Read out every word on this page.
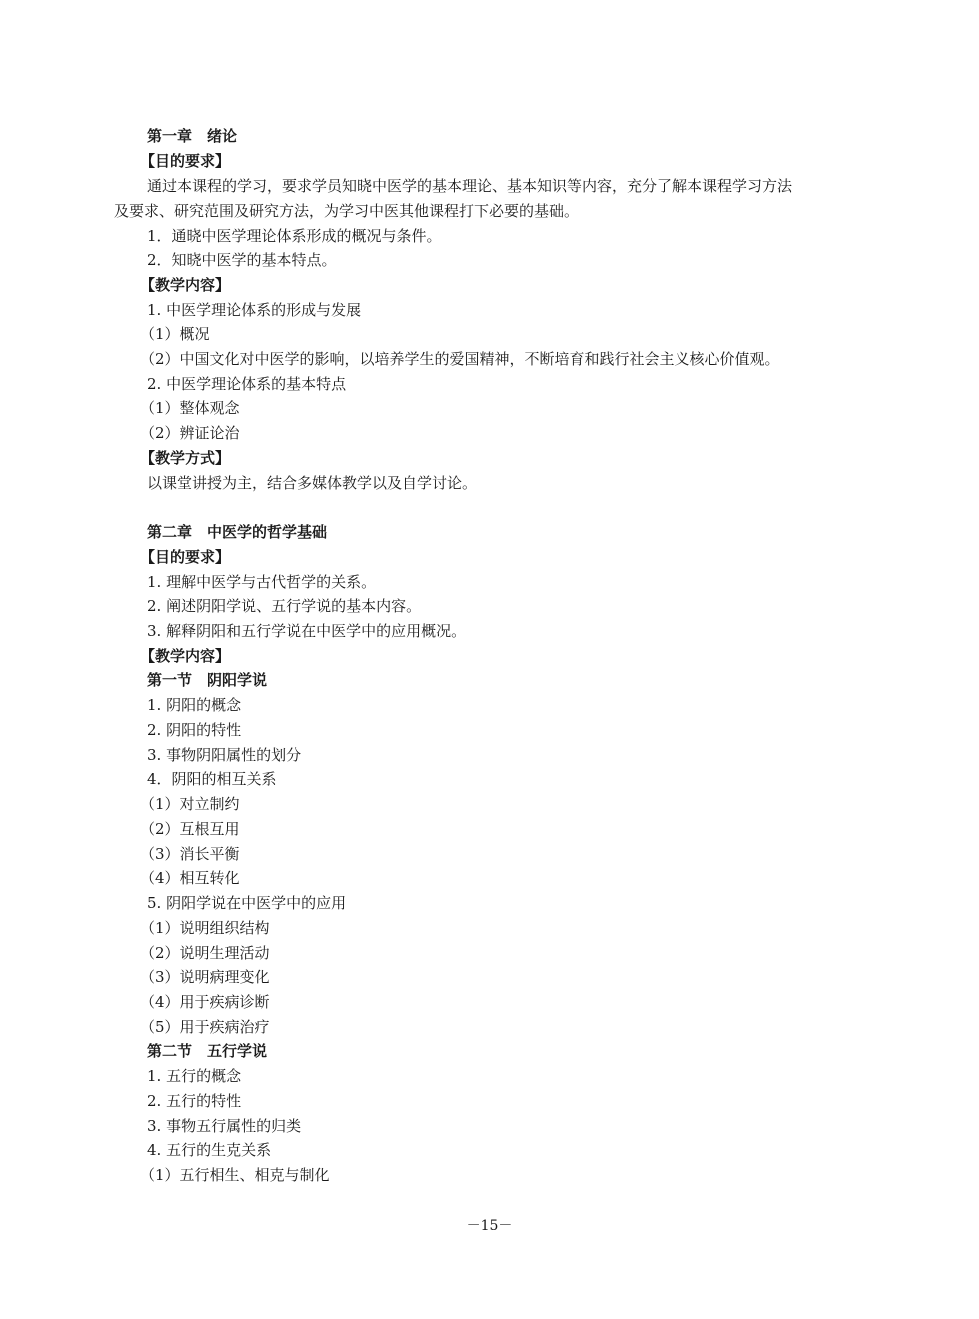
第一章　绪论
【目的要求】
通过本课程的学习，要求学员知晓中医学的基本理论、基本知识等内容，充分了解本课程学习方法
及要求、研究范围及研究方法，为学习中医其他课程打下必要的基础。
1．通晓中医学理论体系形成的概况与条件。
2．知晓中医学的基本特点。
【教学内容】
1. 中医学理论体系的形成与发展
（1）概况
（2）中国文化对中医学的影响，以培养学生的爱国精神，不断培育和践行社会主义核心价值观。
2. 中医学理论体系的基本特点
（1）整体观念
（2）辨证论治
【教学方式】
以课堂讲授为主，结合多媒体教学以及自学讨论。
第二章　中医学的哲学基础
【目的要求】
1. 理解中医学与古代哲学的关系。
2. 阐述阴阳学说、五行学说的基本内容。
3. 解释阴阳和五行学说在中医学中的应用概况。
【教学内容】
第一节　阴阳学说
1. 阴阳的概念
2. 阴阳的特性
3. 事物阴阳属性的划分
4．阴阳的相互关系
（1）对立制约
（2）互根互用
（3）消长平衡
（4）相互转化
5. 阴阳学说在中医学中的应用
（1）说明组织结构
（2）说明生理活动
（3）说明病理变化
（4）用于疾病诊断
（5）用于疾病治疗
第二节　五行学说
1. 五行的概念
2. 五行的特性
3. 事物五行属性的归类
4. 五行的生克关系
（1）五行相生、相克与制化
－15－
